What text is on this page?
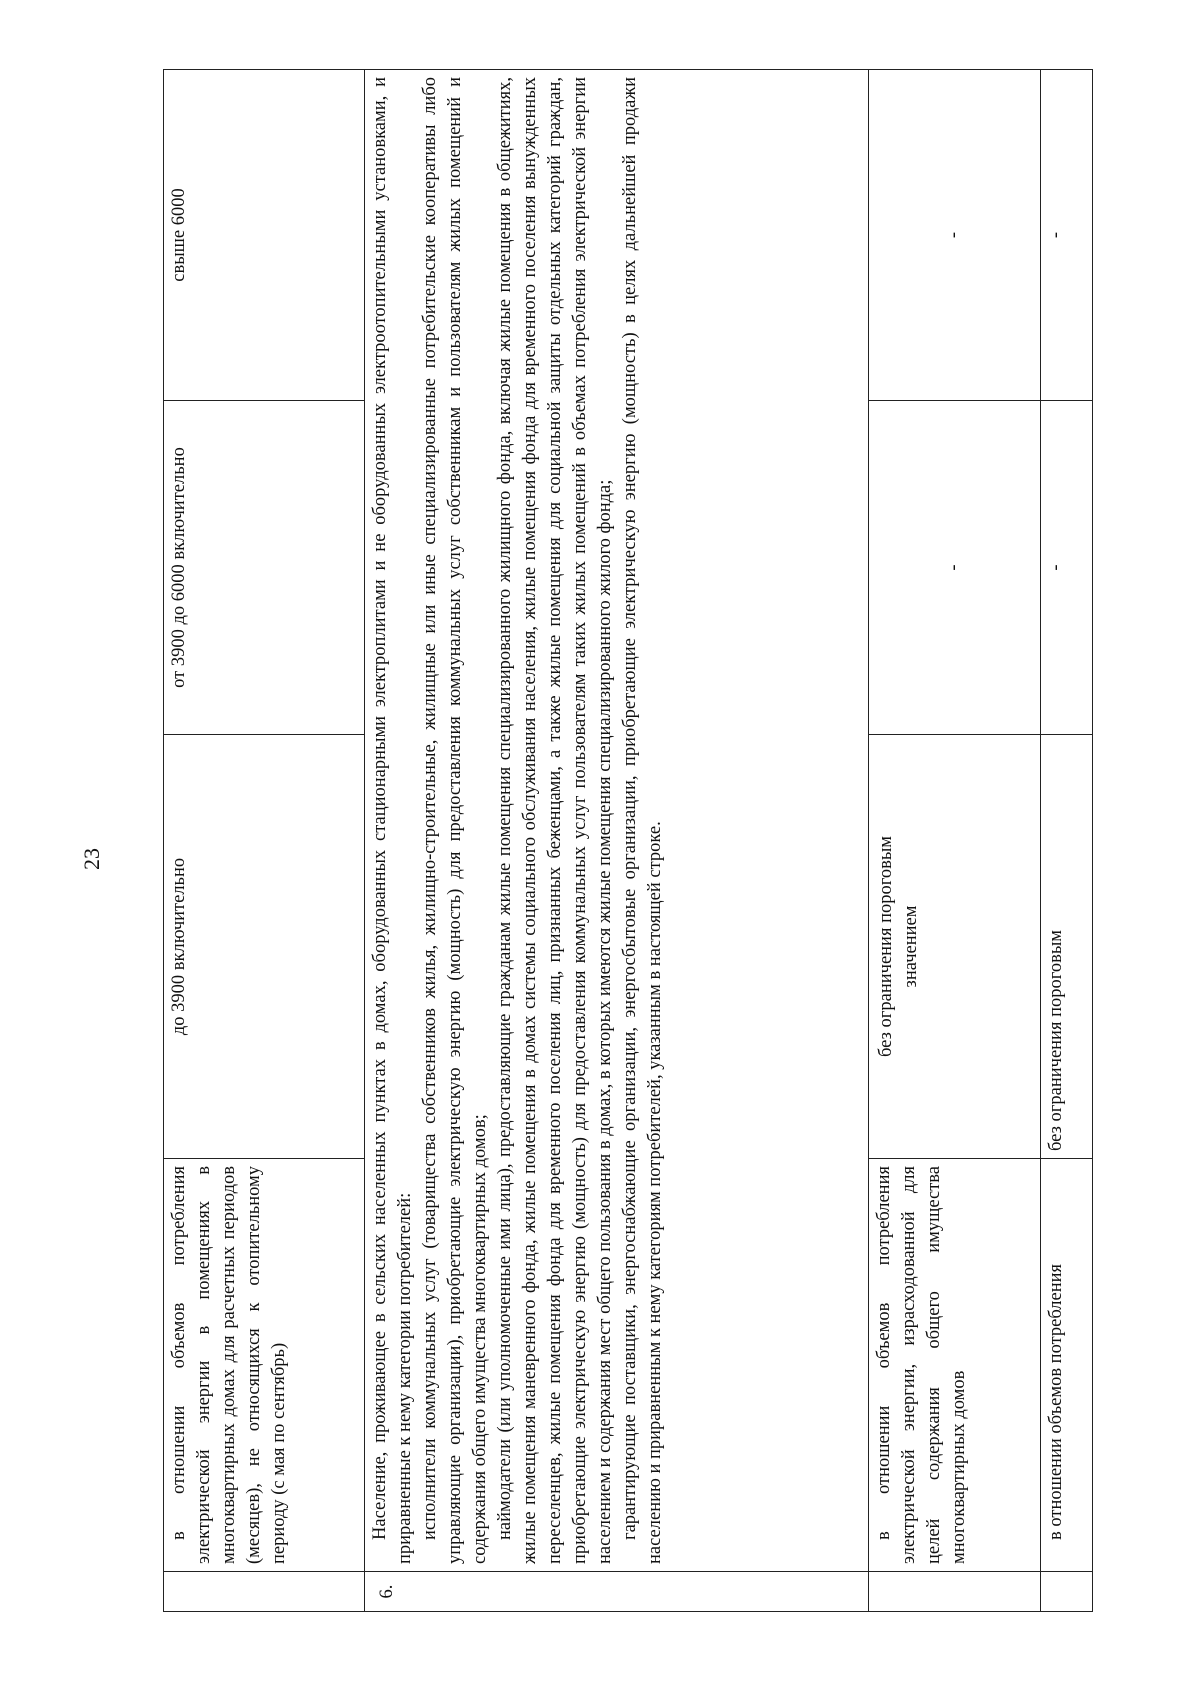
23
	в отношении объемов потребления электрической энергии в помещениях в многоквартирных домах для расчетных периодов (месяцев), не относящихся к отопительному периоду (с мая по сентябрь)	до 3900 включительно	от 3900 до 6000 включительно	свыше 6000
6.	Население, проживающее в сельских населенных пунктах в домах, оборудованных стационарными электроплитами и не оборудованных электроотопительными установками, и приравненные к нему категории потребителей: исполнители коммунальных услуг (товарищества собственников жилья, жилищно-строительные, жилищные или иные специализированные потребительские кооперативы либо управляющие организации), приобретающие электрическую энергию (мощность) для предоставления коммунальных услуг собственникам и пользователям жилых помещений и содержания общего имущества многоквартирных домов; наймодатели (или уполномоченные ими лица), предоставляющие гражданам жилые помещения специализированного жилищного фонда, включая жилые помещения в общежитиях, жилые помещения маневренного фонда, жилые помещения в домах системы социального обслуживания населения, жилые помещения фонда для временного поселения вынужденных переселенцев, жилые помещения фонда для временного поселения лиц, признанных беженцами, а также жилые помещения для социальной защиты отдельных категорий граждан, приобретающие электрическую энергию (мощность) для предоставления коммунальных услуг пользователям таких жилых помещений в объемах потребления электрической энергии населением и содержания мест общего пользования в домах, в которых имеются жилые помещения специализированного жилого фонда; гарантирующие поставщики, энергоснабжающие организации, энергосбытовые организации, приобретающие электрическую энергию (мощность) в целях дальнейшей продажи населению и приравненным к нему категориям потребителей, указанным в настоящей строке.			

	в отношении объемов потребления электрической энергии, израсходованной для целей содержания общего имущества многоквартирных домов	без ограничения пороговым значением	-	-
	в отношении объемов потребления	без ограничения пороговым	-	-
